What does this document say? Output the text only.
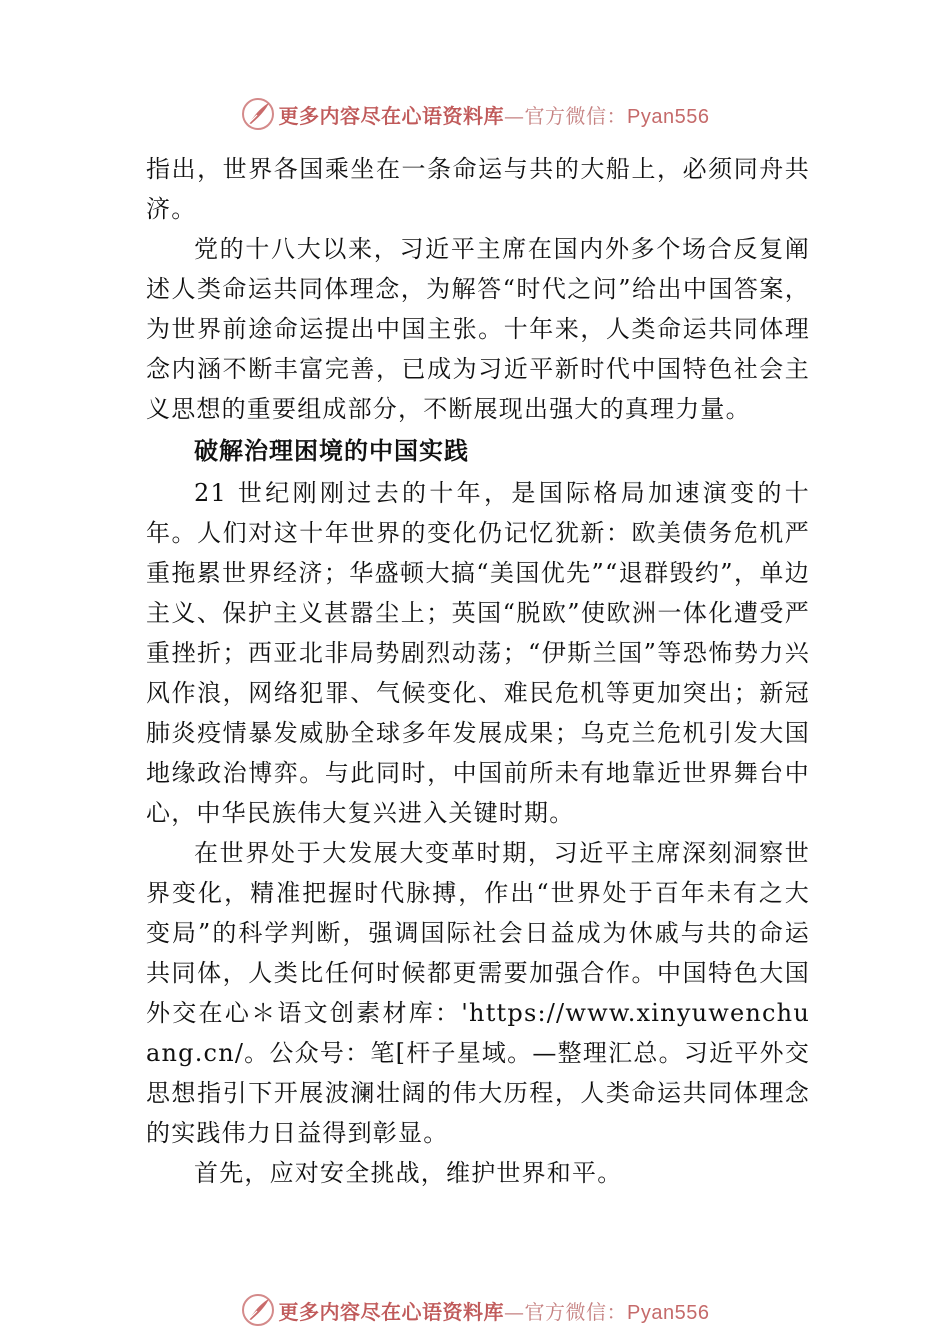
更多内容尽在心语资料库—官方微信：Pyan556

指出，世界各国乘坐在一条命运与共的大船上，必须同舟共济。

党的十八大以来，习近平主席在国内外多个场合反复阐述人类命运共同体理念，为解答“时代之问”给出中国答案，为世界前途命运提出中国主张。十年来，人类命运共同体理念内涵不断丰富完善，已成为习近平新时代中国特色社会主义思想的重要组成部分，不断展现出强大的真理力量。

破解治理困境的中国实践

21 世纪刚刚过去的十年，是国际格局加速演变的十年。人们对这十年世界的变化仍记忆犹新：欧美债务危机严重拖累世界经济；华盛顿大搞“美国优先”“退群毁约”，单边主义、保护主义甚嚣尘上；英国“脱欧”使欧洲一体化遭受严重挫折；西亚北非局势剧烈动荡；“伊斯兰国”等恐怖势力兴风作浪，网络犯罪、气候变化、难民危机等更加突出；新冠肺炎疫情暴发威胁全球多年发展成果；乌克兰危机引发大国地缘政治博弈。与此同时，中国前所未有地靠近世界舞台中心，中华民族伟大复兴进入关键时期。

在世界处于大发展大变革时期，习近平主席深刻洞察世界变化，精准把握时代脉搏，作出“世界处于百年未有之大变局”的科学判断，强调国际社会日益成为休戚与共的命运共同体，人类比任何时候都更需要加强合作。中国特色大国外交在心＊语文创素材库：'https://www.xinyuwenchuang.cn/。公众号：笔[杆子星域。—整理汇总。习近平外交思想指引下开展波澜壮阔的伟大历程，人类命运共同体理念的实践伟力日益得到彰显。

首先，应对安全挑战，维护世界和平。

更多内容尽在心语资料库—官方微信：Pyan556
